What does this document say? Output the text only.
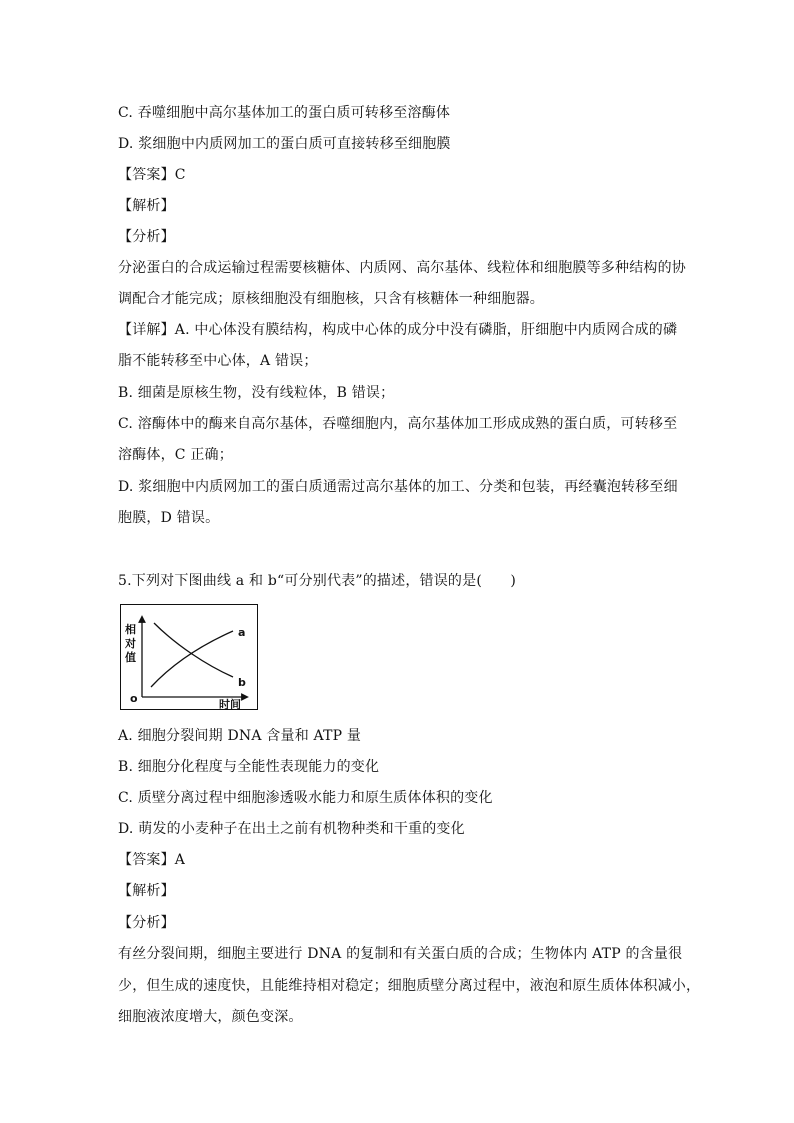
C. 吞噬细胞中高尔基体加工的蛋白质可转移至溶酶体
D. 浆细胞中内质网加工的蛋白质可直接转移至细胞膜
【答案】C
【解析】
【分析】
分泌蛋白的合成运输过程需要核糖体、内质网、高尔基体、线粒体和细胞膜等多种结构的协
调配合才能完成；原核细胞没有细胞核，只含有核糖体一种细胞器。
【详解】A. 中心体没有膜结构，构成中心体的成分中没有磷脂，肝细胞中内质网合成的磷
脂不能转移至中心体，A 错误；
B. 细菌是原核生物，没有线粒体，B 错误；
C. 溶酶体中的酶来自高尔基体，吞噬细胞内，高尔基体加工形成成熟的蛋白质，可转移至
溶酶体，C 正确；
D. 浆细胞中内质网加工的蛋白质通需过高尔基体的加工、分类和包装，再经囊泡转移至细
胞膜，D 错误。
5.下列对下图曲线 a 和 b“可分别代表”的描述，错误的是(　　)
相
对
值
o	时间
a
b
A. 细胞分裂间期 DNA 含量和 ATP 量
B. 细胞分化程度与全能性表现能力的变化
C. 质壁分离过程中细胞渗透吸水能力和原生质体体积的变化
D. 萌发的小麦种子在出土之前有机物种类和干重的变化
【答案】A
【解析】
【分析】
有丝分裂间期，细胞主要进行 DNA 的复制和有关蛋白质的合成；生物体内 ATP 的含量很
少，但生成的速度快，且能维持相对稳定；细胞质壁分离过程中，液泡和原生质体体积减小，
细胞液浓度增大，颜色变深。
